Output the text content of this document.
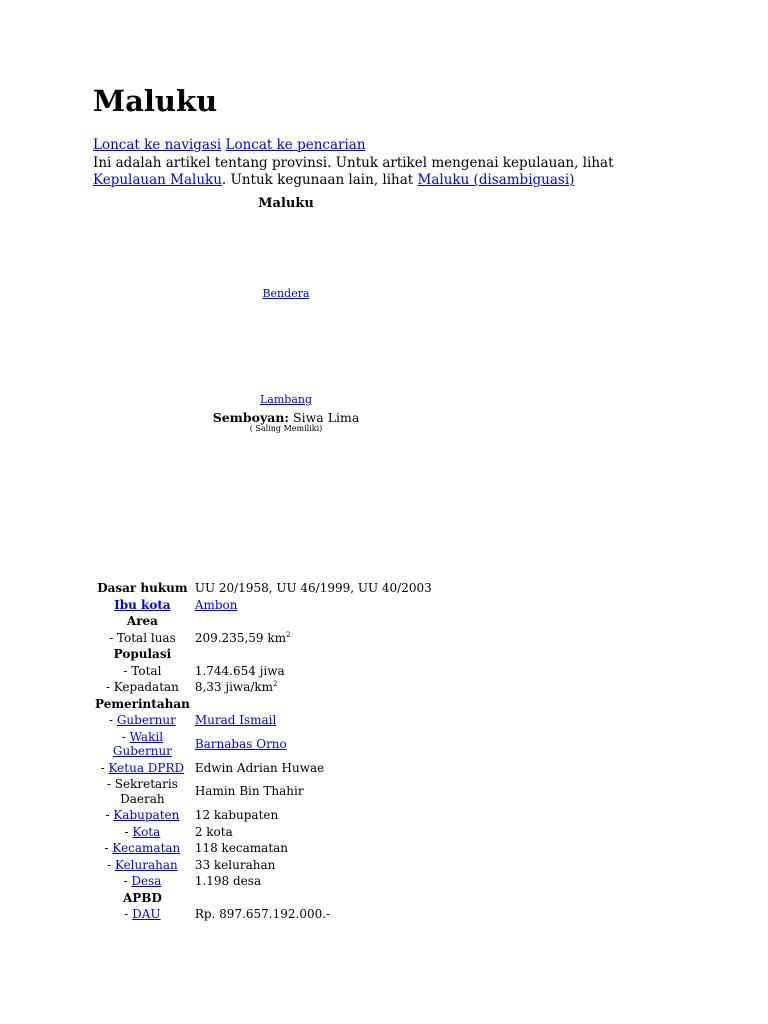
Maluku
Loncat ke navigasi Loncat ke pencarian
Ini adalah artikel tentang provinsi. Untuk artikel mengenai kepulauan, lihat Kepulauan Maluku. Untuk kegunaan lain, lihat Maluku (disambiguasi)
Maluku
Bendera
Lambang
Semboyan: Siwa Lima
( Saling Memiliki)
Dasar hukum	UU 20/1958, UU 46/1999, UU 40/2003
Ibu kota	Ambon
Area	
- Total luas	209.235,59 $km^2$
Populasi	
- Total	1.744.654 jiwa
- Kepadatan	8,33 jiwa/$km^2$
Pemerintahan	
- Gubernur	Murad Ismail
- Wakil Gubernur	Barnabas Orno
- Ketua DPRD	Edwin Adrian Huwae
- Sekretaris Daerah	Hamin Bin Thahir
- Kabupaten	12 kabupaten
- Kota	2 kota
- Kecamatan	118 kecamatan
- Kelurahan	33 kelurahan
- Desa	1.198 desa
APBD	
- DAU	Rp. 897.657.192.000.-
